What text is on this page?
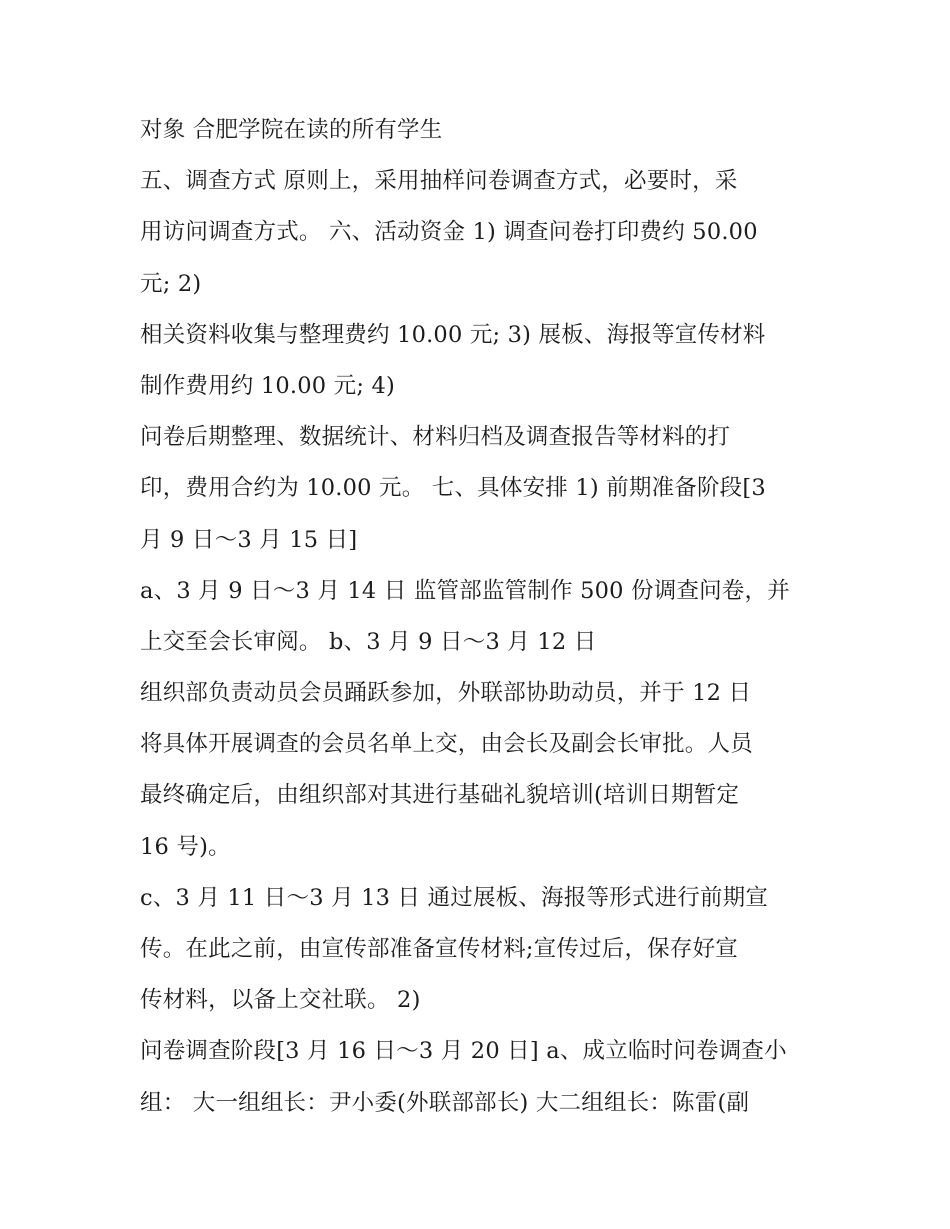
对象 合肥学院在读的所有学生
五、调查方式 原则上，采用抽样问卷调查方式，必要时，采
用访问调查方式。 六、活动资金 1) 调查问卷打印费约 50.00
元; 2)
相关资料收集与整理费约 10.00 元; 3) 展板、海报等宣传材料
制作费用约 10.00 元; 4)
问卷后期整理、数据统计、材料归档及调查报告等材料的打
印，费用合约为 10.00 元。 七、具体安排 1) 前期准备阶段[3
月 9 日～3 月 15 日]
a、3 月 9 日～3 月 14 日 监管部监管制作 500 份调查问卷，并
上交至会长审阅。 b、3 月 9 日～3 月 12 日
组织部负责动员会员踊跃参加，外联部协助动员，并于 12 日
将具体开展调查的会员名单上交，由会长及副会长审批。人员
最终确定后，由组织部对其进行基础礼貌培训(培训日期暂定
16 号)。
c、3 月 11 日～3 月 13 日 通过展板、海报等形式进行前期宣
传。在此之前，由宣传部准备宣传材料;宣传过后，保存好宣
传材料，以备上交社联。 2)
问卷调查阶段[3 月 16 日～3 月 20 日] a、成立临时问卷调查小
组： 大一组组长：尹小委(外联部部长) 大二组组长：陈雷(副
